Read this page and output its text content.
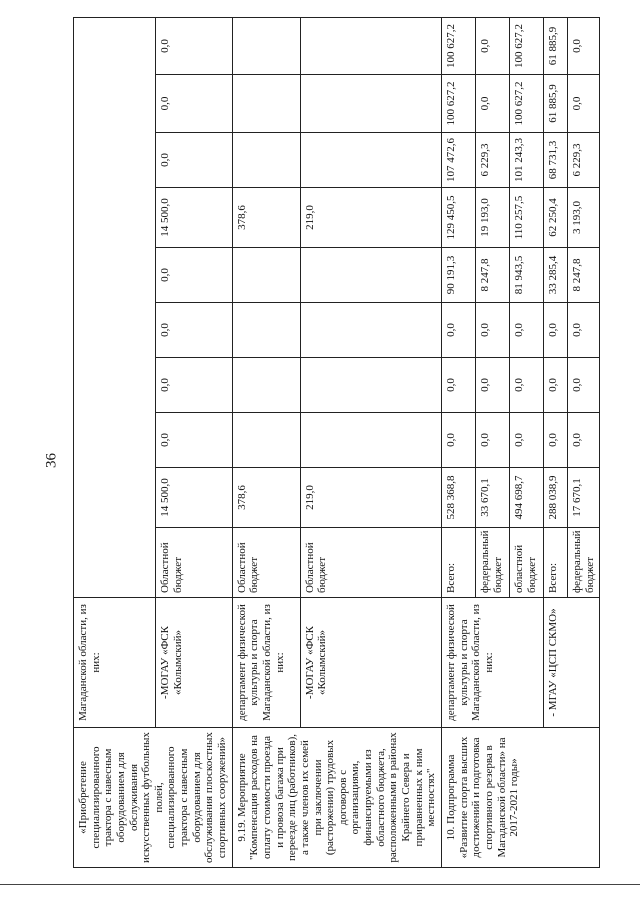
36
«Приобретение специализированного трактора с навесным оборудованием для обслуживания искусственных футбольных полей, специализированного трактора с навесным оборудованием для обслуживания плоскостных спортивных сооружений»	Магаданской области, из них:										
	-МОГАУ «ФСК «Колымский»	Областной бюджет	14 500,0	0,0	0,0	0,0	0,0	14 500,0	0,0	0,0	0,0
9.19. Мероприятие "Компенсация расходов на оплату стоимости проезда и провоза багажа при переезде лиц (работников), а также членов их семей при заключении (расторжении) трудовых договоров с организациями, финансируемыми из областного бюджета, расположенными в районах Крайнего Севера и приравненных к ним местностях"	департамент физической культуры и спорта Магаданской области, из них:	Областной бюджет	378,6					378,6			
	-МОГАУ «ФСК «Колымский»	Областной бюджет	219,0					219,0			
10. Подпрограмма «Развитие спорта высших достижений и подготовка спортивного резерва в Магаданской области» на 2017-2021 годы»	департамент физической культуры и спорта Магаданской области, из них:	Всего:	528 368,8	0,0	0,0	0,0	90 191,3	129 450,5	107 472,6	100 627,2	100 627,2
		федеральный бюджет	33 670,1	0,0	0,0	0,0	8 247,8	19 193,0	6 229,3	0,0	0,0
		областной бюджет	494 698,7	0,0	0,0	0,0	81 943,5	110 257,5	101 243,3	100 627,2	100 627,2
	- МГАУ «ЦСП СКМО»	Всего:	288 038,9	0,0	0,0	0,0	33 285,4	62 250,4	68 731,3	61 885,9	61 885,9
		федеральный бюджет	17 670,1	0,0	0,0	0,0	8 247,8	3 193,0	6 229,3	0,0	0,0
